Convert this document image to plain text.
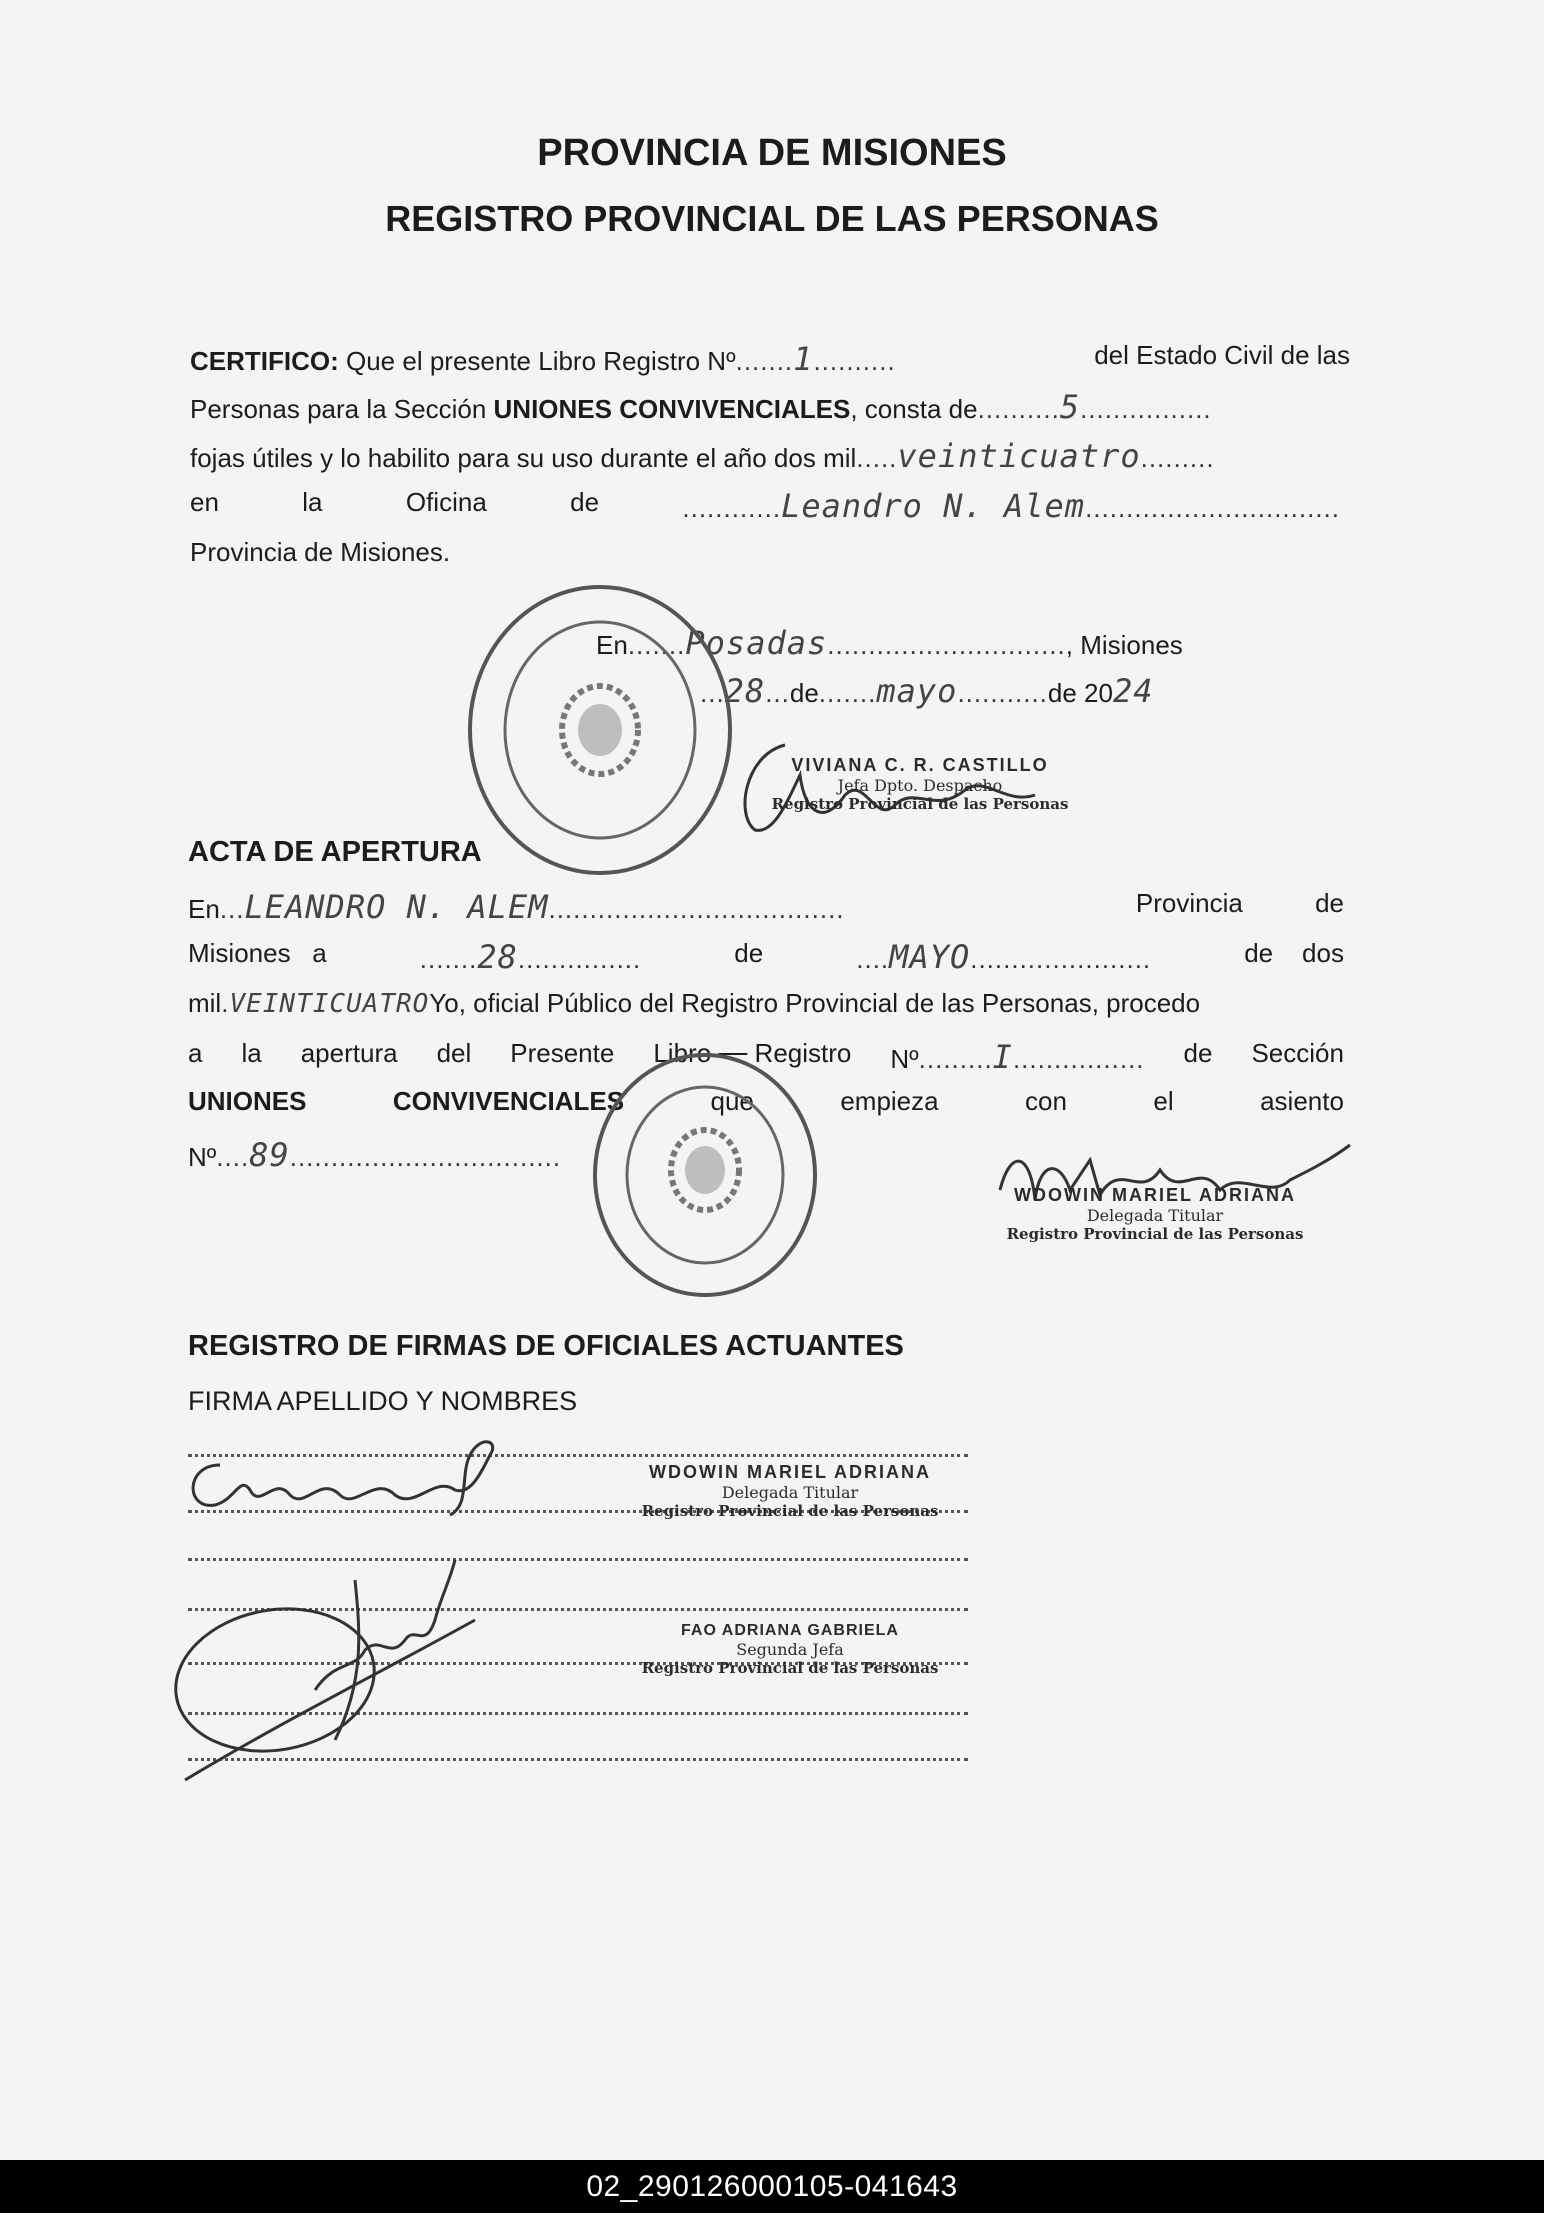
PROVINCIA DE MISIONES
REGISTRO PROVINCIAL DE LAS PERSONAS
CERTIFICO: Que el presente Libro Registro Nº.......1..........	del Estado Civil de las
Personas para la Sección UNIONES CONVIVENCIALES, consta de..........5................
fojas útiles y lo habilito para su uso durante el año dos mil.....veinticuatro.........
en	la	Oficina	de	............Leandro N. Alem...............................
Provincia de Misiones.
En.......Posadas............................., Misiones
...28...de.......mayo...........de 2024
VIVIANA C. R. CASTILLO
Jefa Dpto. Despacho
Registro Provincial de las Personas
ACTA DE APERTURA
En...LEANDRO N. ALEM....................................	Provincia	de
Misiones a	.......28...............	de	....MAYO......................	de dos
mil.VEINTICUATROYo, oficial Público del Registro Provincial de las Personas, procedo
a la apertura del Presente Libro Registro Nº.........I................ de Sección
UNIONES	CONVIVENCIALES	que	empieza	con	el	asiento
Nº....89.................................
WDOWIN MARIEL ADRIANA
Delegada Titular
Registro Provincial de las Personas
REGISTRO DE FIRMAS DE OFICIALES ACTUANTES
FIRMA APELLIDO Y NOMBRES
WDOWIN MARIEL ADRIANA
Delegada Titular
Registro Provincial de las Personas
FAO ADRIANA GABRIELA
Segunda Jefa
Registro Provincial de las Personas
02_290126000105-041643
